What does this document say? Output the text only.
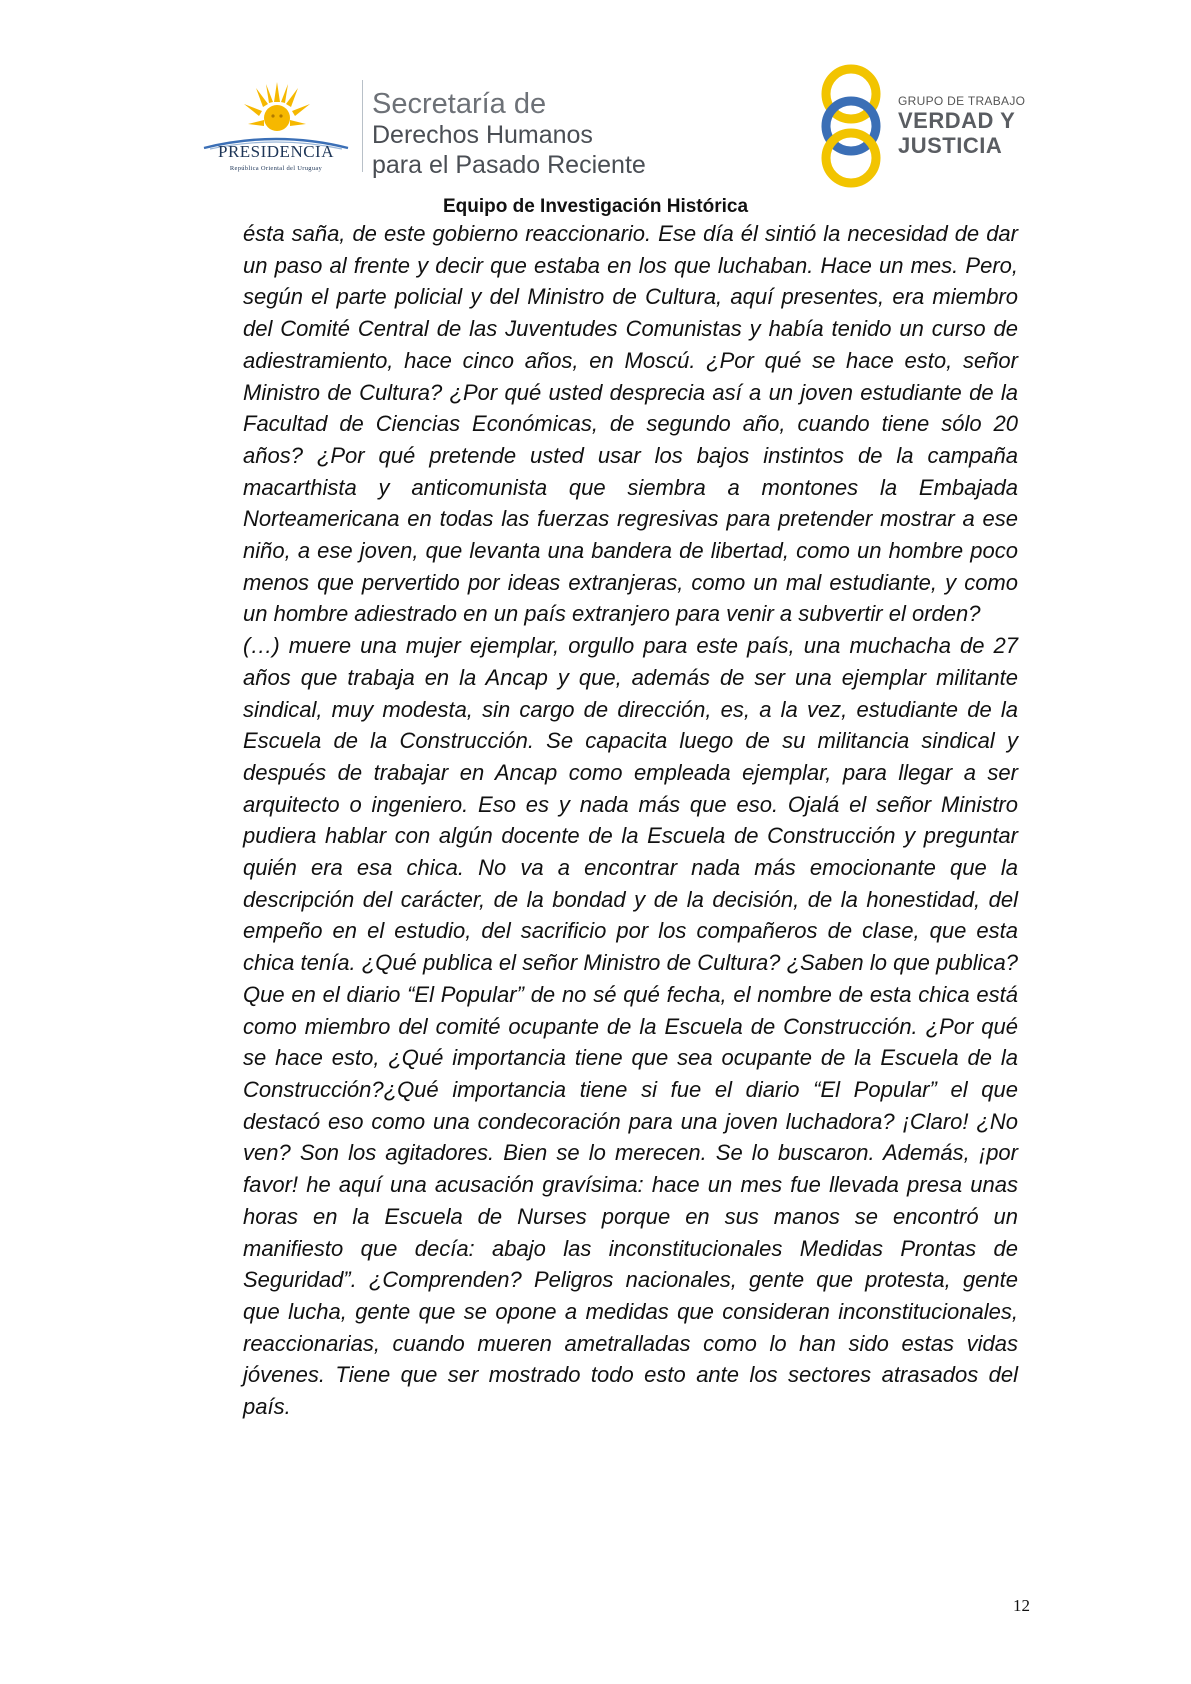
PRESIDENCIA
República Oriental del Uruguay
Secretaría de
Derechos Humanos
para el Pasado Reciente
GRUPO DE TRABAJO
VERDAD Y
JUSTICIA
Equipo de Investigación Histórica

ésta saña, de este gobierno reaccionario. Ese día él sintió la necesidad de dar un paso al frente y decir que estaba en los que luchaban. Hace un mes. Pero, según el parte policial y del Ministro de Cultura, aquí presentes, era miembro del Comité Central de las Juventudes Comunistas y había tenido un curso de adiestramiento, hace cinco años, en Moscú. ¿Por qué se hace esto, señor Ministro de Cultura? ¿Por qué usted desprecia así a un joven estudiante de la Facultad de Ciencias Económicas, de segundo año, cuando tiene sólo 20 años? ¿Por qué pretende usted usar los bajos instintos de la campaña macarthista y anticomunista que siembra a montones la Embajada Norteamericana en todas las fuerzas regresivas para pretender mostrar a ese niño, a ese joven, que levanta una bandera de libertad, como un hombre poco menos que pervertido por ideas extranjeras, como un mal estudiante, y como un hombre adiestrado en un país extranjero para venir a subvertir el orden?

(…) muere una mujer ejemplar, orgullo para este país, una muchacha de 27 años que trabaja en la Ancap y que, además de ser una ejemplar militante sindical, muy modesta, sin cargo de dirección, es, a la vez, estudiante de la Escuela de la Construcción. Se capacita luego de su militancia sindical y después de trabajar en Ancap como empleada ejemplar, para llegar a ser arquitecto o ingeniero. Eso es y nada más que eso. Ojalá el señor Ministro pudiera hablar con algún docente de la Escuela de Construcción y preguntar quién era esa chica. No va a encontrar nada más emocionante que la descripción del carácter, de la bondad y de la decisión, de la honestidad, del empeño en el estudio, del sacrificio por los compañeros de clase, que esta chica tenía. ¿Qué publica el señor Ministro de Cultura? ¿Saben lo que publica? Que en el diario “El Popular” de no sé qué fecha, el nombre de esta chica está como miembro del comité ocupante de la Escuela de Construcción. ¿Por qué se hace esto, ¿Qué importancia tiene que sea ocupante de la Escuela de la Construcción?¿Qué importancia tiene si fue el diario “El Popular” el que destacó eso como una condecoración para una joven luchadora? ¡Claro! ¿No ven? Son los agitadores. Bien se lo merecen. Se lo buscaron. Además, ¡por favor! he aquí una acusación gravísima: hace un mes fue llevada presa unas horas en la Escuela de Nurses porque en sus manos se encontró un manifiesto que decía: abajo las inconstitucionales Medidas Prontas de Seguridad”. ¿Comprenden? Peligros nacionales, gente que protesta, gente que lucha, gente que se opone a medidas que consideran inconstitucionales, reaccionarias, cuando mueren ametralladas como lo han sido estas vidas jóvenes. Tiene que ser mostrado todo esto ante los sectores atrasados del país.

12
